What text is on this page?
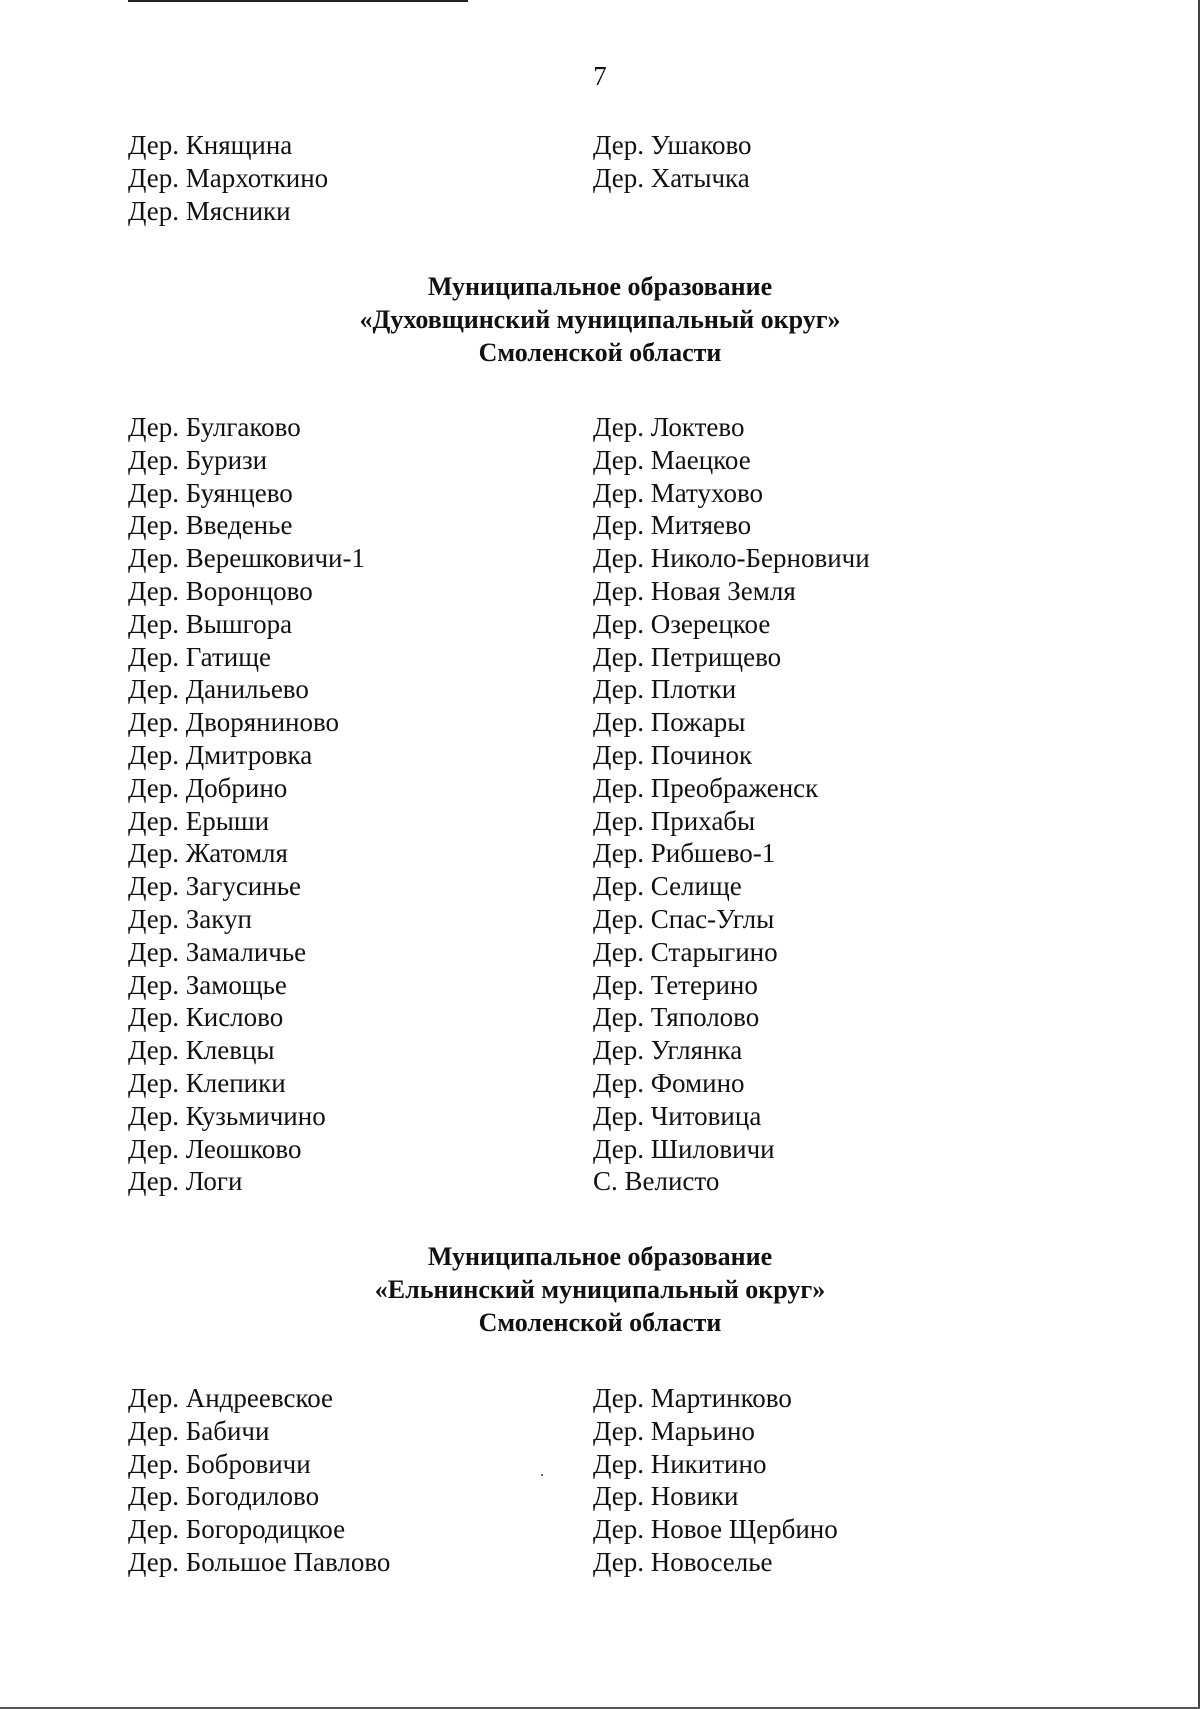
7
Дер. Княщина
Дер. Мархоткино
Дер. Мясники
Дер. Ушаково
Дер. Хатычка
Муниципальное образование
«Духовщинский муниципальный округ»
Смоленской области
Дер. Булгаково
Дер. Буризи
Дер. Буянцево
Дер. Введенье
Дер. Верешковичи-1
Дер. Воронцово
Дер. Вышгора
Дер. Гатище
Дер. Данильево
Дер. Дворяниново
Дер. Дмитровка
Дер. Добрино
Дер. Ерыши
Дер. Жатомля
Дер. Загусинье
Дер. Закуп
Дер. Замаличье
Дер. Замощье
Дер. Кислово
Дер. Клевцы
Дер. Клепики
Дер. Кузьмичино
Дер. Леошково
Дер. Логи
Дер. Локтево
Дер. Маецкое
Дер. Матухово
Дер. Митяево
Дер. Николо-Берновичи
Дер. Новая Земля
Дер. Озерецкое
Дер. Петрищево
Дер. Плотки
Дер. Пожары
Дер. Починок
Дер. Преображенск
Дер. Прихабы
Дер. Рибшево-1
Дер. Селище
Дер. Спас-Углы
Дер. Старыгино
Дер. Тетерино
Дер. Тяполово
Дер. Углянка
Дер. Фомино
Дер. Читовица
Дер. Шиловичи
С. Велисто
Муниципальное образование
«Ельнинский муниципальный округ»
Смоленской области
Дер. Андреевское
Дер. Бабичи
Дер. Бобровичи
Дер. Богодилово
Дер. Богородицкое
Дер. Большое Павлово
Дер. Мартинково
Дер. Марьино
Дер. Никитино
Дер. Новики
Дер. Новое Щербино
Дер. Новоселье
